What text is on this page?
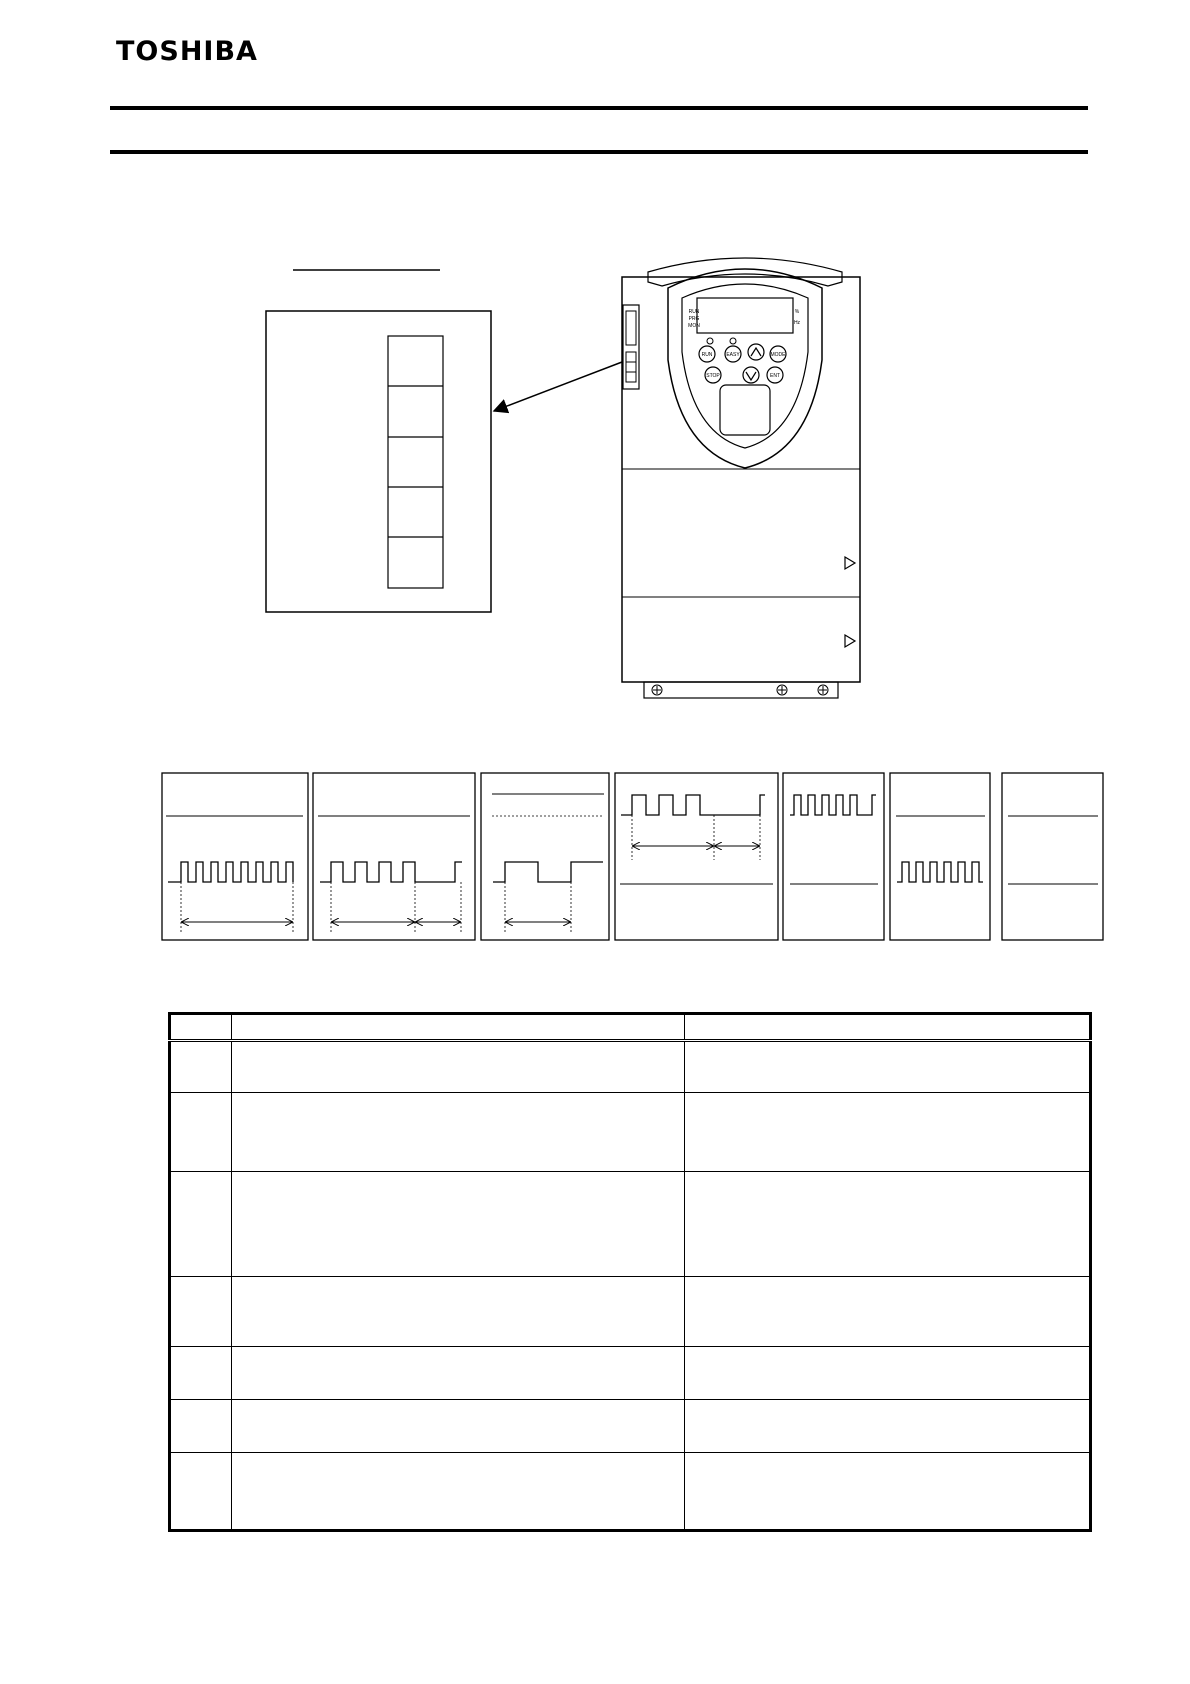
TOSHIBA
RUN	EASY	MODE
STOP	ENT
RUN
PRG
MON
%
Hz
